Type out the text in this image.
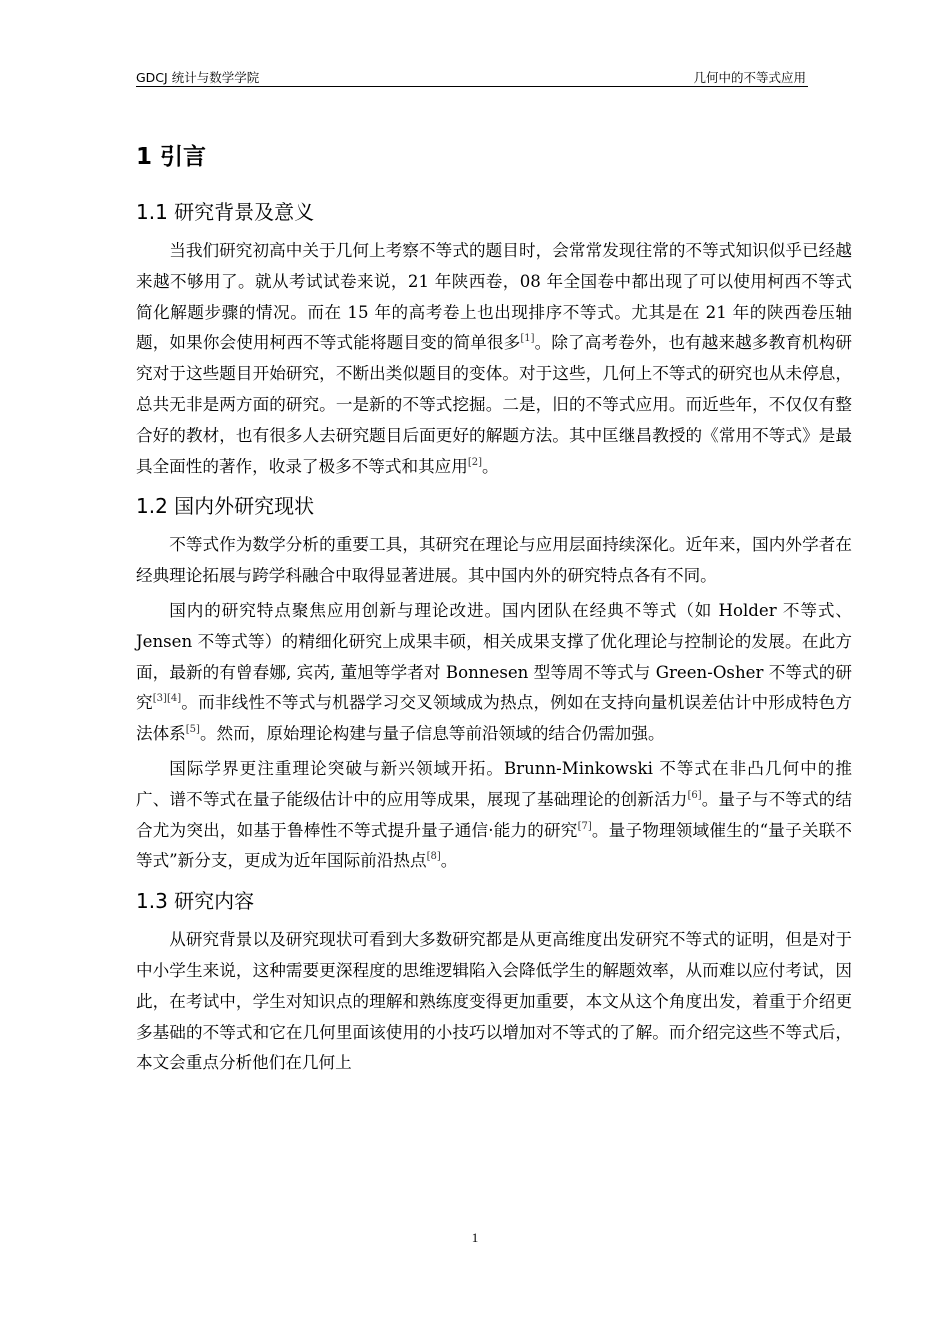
GDCJ 统计与数学学院	几何中的不等式应用
1 引言
1.1 研究背景及意义

当我们研究初高中关于几何上考察不等式的题目时，会常常发现往常的不等式知识似乎已经越来越不够用了。就从考试试卷来说，21 年陕西卷，08 年全国卷中都出现了可以使用柯西不等式简化解题步骤的情况。而在 15 年的高考卷上也出现排序不等式。尤其是在 21 年的陕西卷压轴题，如果你会使用柯西不等式能将题目变的简单很多[1]。除了高考卷外，也有越来越多教育机构研究对于这些题目开始研究，不断出类似题目的变体。对于这些，几何上不等式的研究也从未停息，总共无非是两方面的研究。一是新的不等式挖掘。二是，旧的不等式应用。而近些年，不仅仅有整合好的教材，也有很多人去研究题目后面更好的解题方法。其中匡继昌教授的《常用不等式》是最具全面性的著作，收录了极多不等式和其应用[2]。

1.2 国内外研究现状

不等式作为数学分析的重要工具，其研究在理论与应用层面持续深化。近年来，国内外学者在经典理论拓展与跨学科融合中取得显著进展。其中国内外的研究特点各有不同。

国内的研究特点聚焦应用创新与理论改进。国内团队在经典不等式（如 Holder 不等式、Jensen 不等式等）的精细化研究上成果丰硕，相关成果支撑了优化理论与控制论的发展。在此方面，最新的有曾春娜, 宾芮, 董旭等学者对 Bonnesen 型等周不等式与 Green-Osher 不等式的研究[3][4]。而非线性不等式与机器学习交叉领域成为热点，例如在支持向量机误差估计中形成特色方法体系[5]。然而，原始理论构建与量子信息等前沿领域的结合仍需加强。

国际学界更注重理论突破与新兴领域开拓。Brunn-Minkowski 不等式在非凸几何中的推广、谱不等式在量子能级估计中的应用等成果，展现了基础理论的创新活力[6]。量子与不等式的结合尤为突出，如基于鲁棒性不等式提升量子通信·能力的研究[7]。量子物理领域催生的“量子关联不等式”新分支，更成为近年国际前沿热点[8]。

1.3 研究内容

从研究背景以及研究现状可看到大多数研究都是从更高维度出发研究不等式的证明，但是对于中小学生来说，这种需要更深程度的思维逻辑陷入会降低学生的解题效率，从而难以应付考试，因此，在考试中，学生对知识点的理解和熟练度变得更加重要，本文从这个角度出发，着重于介绍更多基础的不等式和它在几何里面该使用的小技巧以增加对不等式的了解。而介绍完这些不等式后，本文会重点分析他们在几何上

1
